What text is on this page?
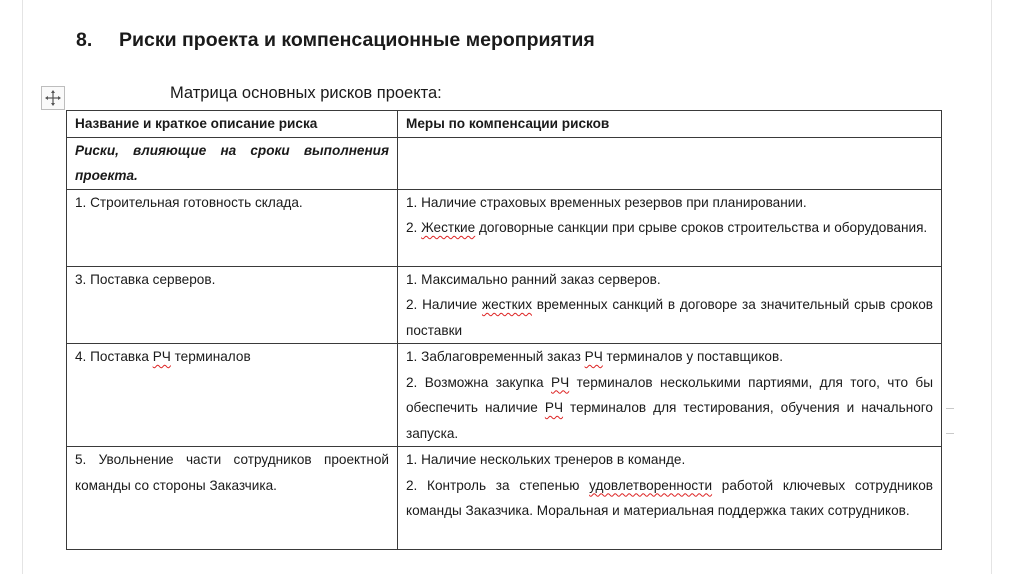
8. Риски проекта и компенсационные мероприятия
Матрица основных рисков проекта:
Название и краткое описание риска	Меры по компенсации рисков

Риски, влияющие на сроки выполнения проекта.	

1. Строительная готовность склада.	1. Наличие страховых временных резервов при планировании.
2. Жесткие договорные санкции при срыве сроков строительства и оборудования.

3. Поставка серверов.	1. Максимально ранний заказ серверов.
2. Наличие жестких временных санкций в договоре за значительный срыв сроков поставки

4. Поставка РЧ терминалов	1. Заблаговременный заказ РЧ терминалов у поставщиков.
2. Возможна закупка РЧ терминалов несколькими партиями, для того, что бы обеспечить наличие РЧ терминалов для тестирования, обучения и начального запуска.

5. Увольнение части сотрудников проектной команды со стороны Заказчика.	1. Наличие нескольких тренеров в команде.
2. Контроль за степенью удовлетворенности работой ключевых сотрудников команды Заказчика. Моральная и материальная поддержка таких сотрудников.
